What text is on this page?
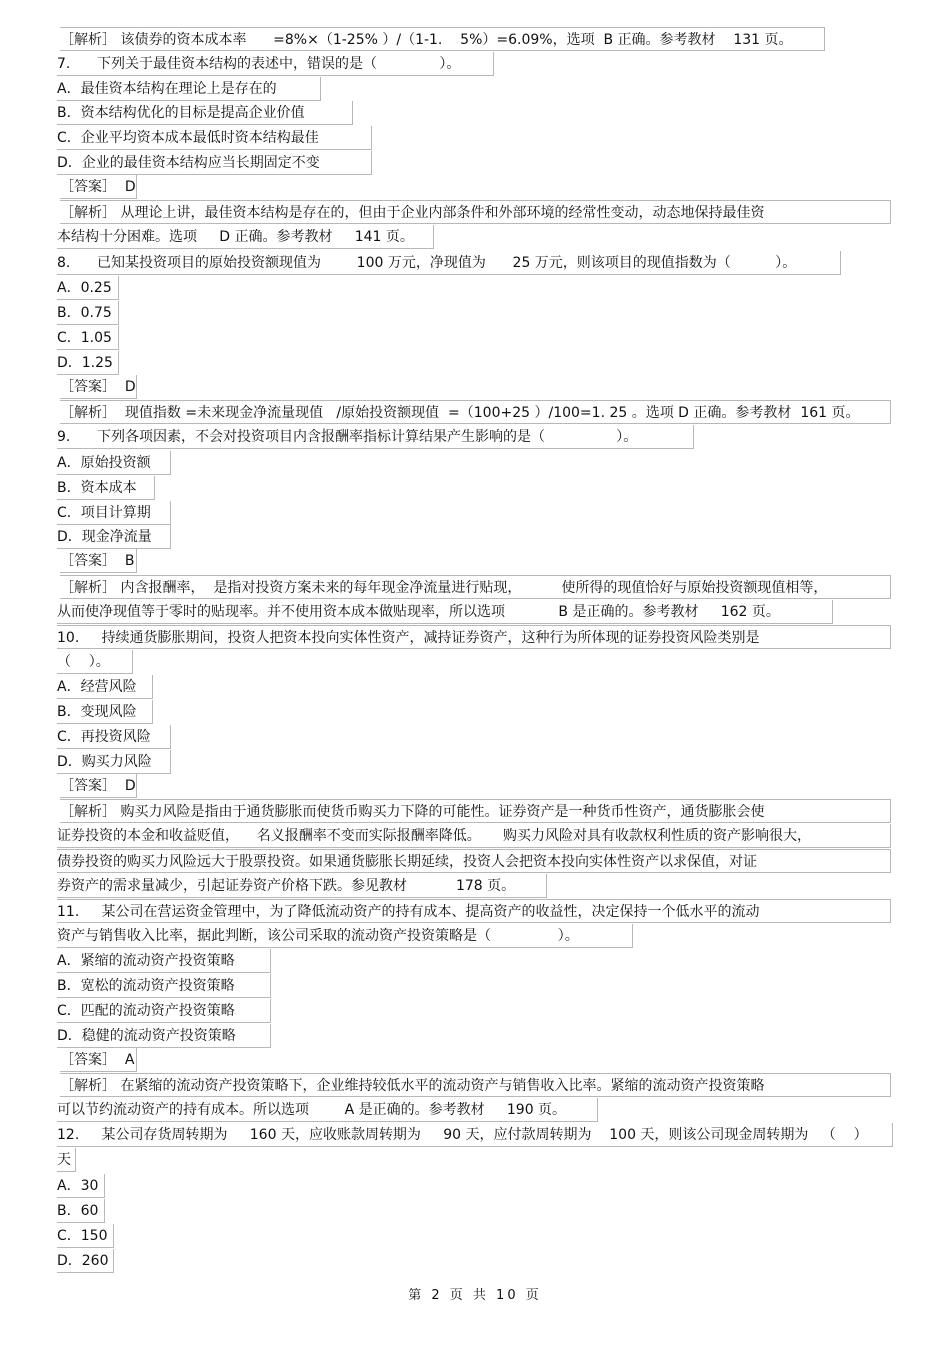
［解析］ 该债券的资本成本率      =8%×（1-25% ）/（1-1.    5%）=6.09%，选项  B 正确。参考教材    131 页。
7.      下列关于最佳资本结构的表述中，错误的是（              ）。
A．最佳资本结构在理论上是存在的
B．资本结构优化的目标是提高企业价值
C．企业平均资本成本最低时资本结构最佳
D．企业的最佳资本结构应当长期固定不变
［答案］  D
［解析］ 从理论上讲，最佳资本结构是存在的，但由于企业内部条件和外部环境的经常性变动，动态地保持最佳资
本结构十分困难。选项     D 正确。参考教材     141 页。
8.      已知某投资项目的原始投资额现值为        100 万元，净现值为      25 万元，则该项目的现值指数为（          ）。
A．0.25
B．0.75
C．1.05
D．1.25
［答案］  D
［解析］  现值指数 =未来现金净流量现值   /原始投资额现值  =（100+25 ）/100=1. 25 。选项 D 正确。参考教材  161 页。
9.      下列各项因素，不会对投资项目内含报酬率指标计算结果产生影响的是（                ）。
A．原始投资额
B．资本成本
C．项目计算期
D．现金净流量
［答案］  B
［解析］ 内含报酬率，  是指对投资方案未来的每年现金净流量进行贴现，         使所得的现值恰好与原始投资额现值相等，
从而使净现值等于零时的贴现率。并不使用资本成本做贴现率，所以选项            B 是正确的。参考教材     162 页。
10.     持续通货膨胀期间，投资人把资本投向实体性资产，减持证券资产，这种行为所体现的证券投资风险类别是
（    ）。
A．经营风险
B．变现风险
C．再投资风险
D．购买力风险
［答案］  D
［解析］ 购买力风险是指由于通货膨胀而使货币购买力下降的可能性。证券资产是一种货币性资产，通货膨胀会使
证券投资的本金和收益贬值，    名义报酬率不变而实际报酬率降低。     购买力风险对具有收款权利性质的资产影响很大，
债券投资的购买力风险远大于股票投资。如果通货膨胀长期延续，投资人会把资本投向实体性资产以求保值，对证
券资产的需求量减少，引起证券资产价格下跌。参见教材           178 页。
11.     某公司在营运资金管理中，为了降低流动资产的持有成本、提高资产的收益性，决定保持一个低水平的流动
资产与销售收入比率，据此判断，该公司采取的流动资产投资策略是（               ）。
A．紧缩的流动资产投资策略
B．宽松的流动资产投资策略
C．匹配的流动资产投资策略
D．稳健的流动资产投资策略
［答案］  A
［解析］ 在紧缩的流动资产投资策略下，企业维持较低水平的流动资产与销售收入比率。紧缩的流动资产投资策略
可以节约流动资产的持有成本。所以选项        A 是正确的。参考教材     190 页。
12.     某公司存货周转期为     160 天，应收账款周转期为     90 天，应付款周转期为    100 天，则该公司现金周转期为   （    ）
天
A．30
B．60
C．150
D．260
第 2 页 共 10 页
